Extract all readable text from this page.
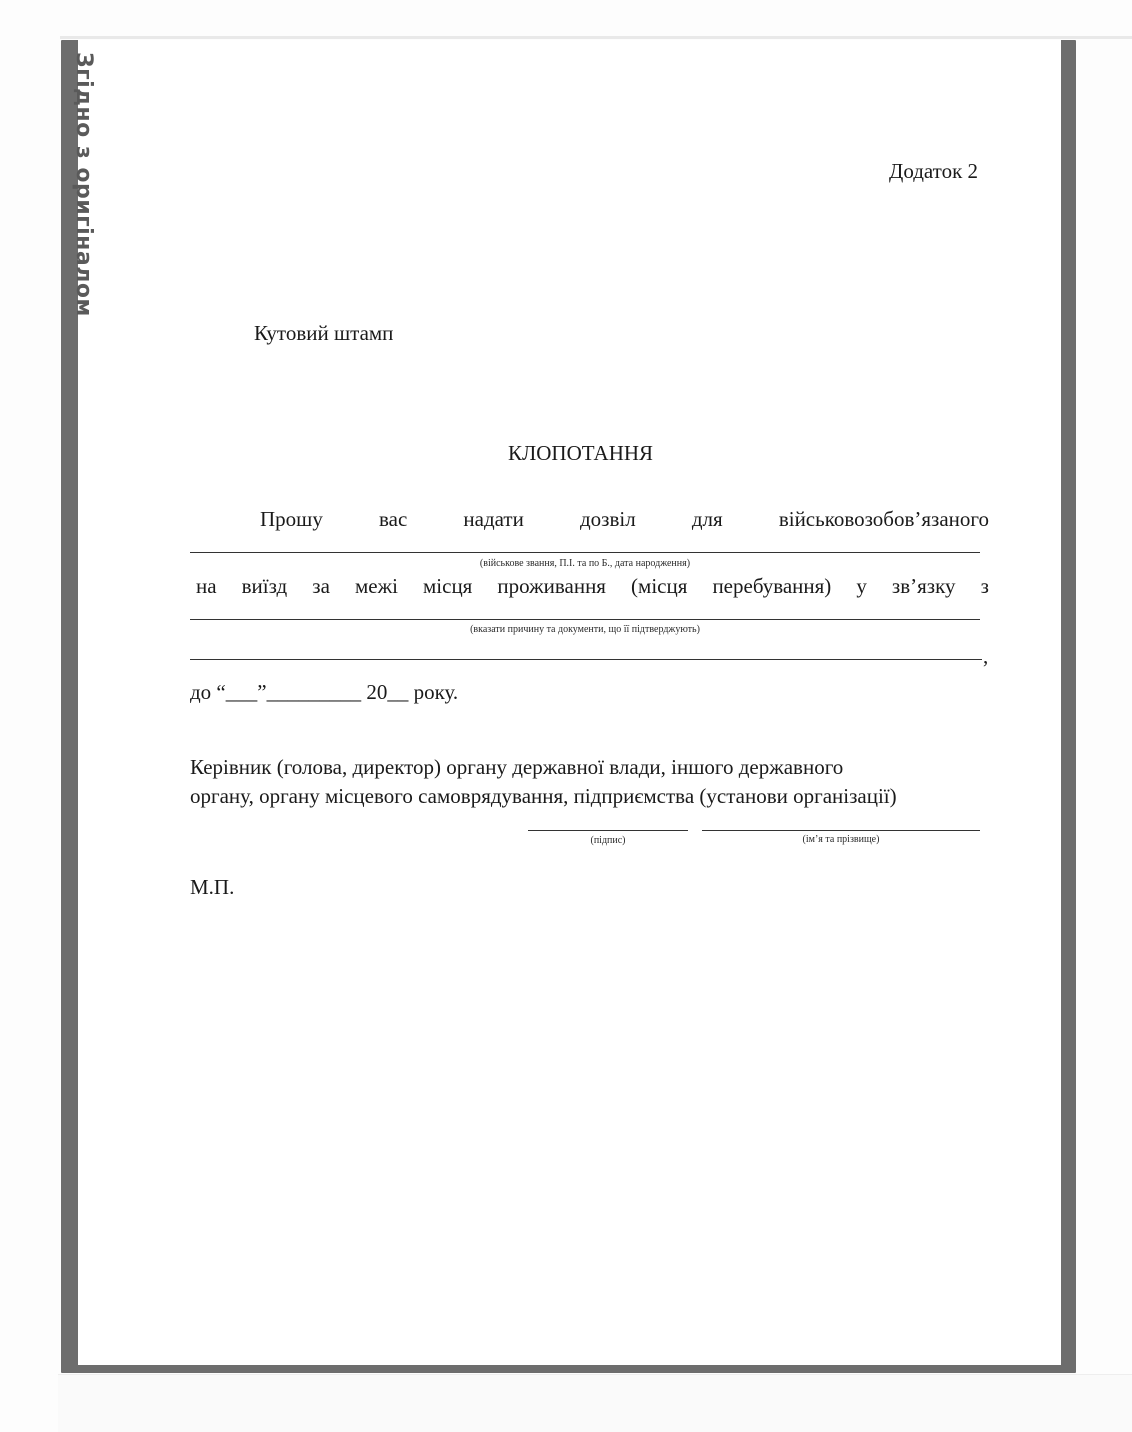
Згідно з оригіналом	Додаток 2
Кутовий штамп
КЛОПОТАННЯ
Прошу	вас	надати	дозвіл	для	військовозобов’язаного
(військове звання, П.І. та по Б., дата народження)
на виїзд за межі місця проживання (місця перебування) у зв’язку з
(вказати причину та документи, що її підтверджують)
,
до “___”_________ 20__ року.
Керівник (голова, директор) органу державної влади, іншого державного
органу, органу місцевого самоврядування, підприємства (установи організації)
(підпис)	(ім’я та прізвище)
М.П.
